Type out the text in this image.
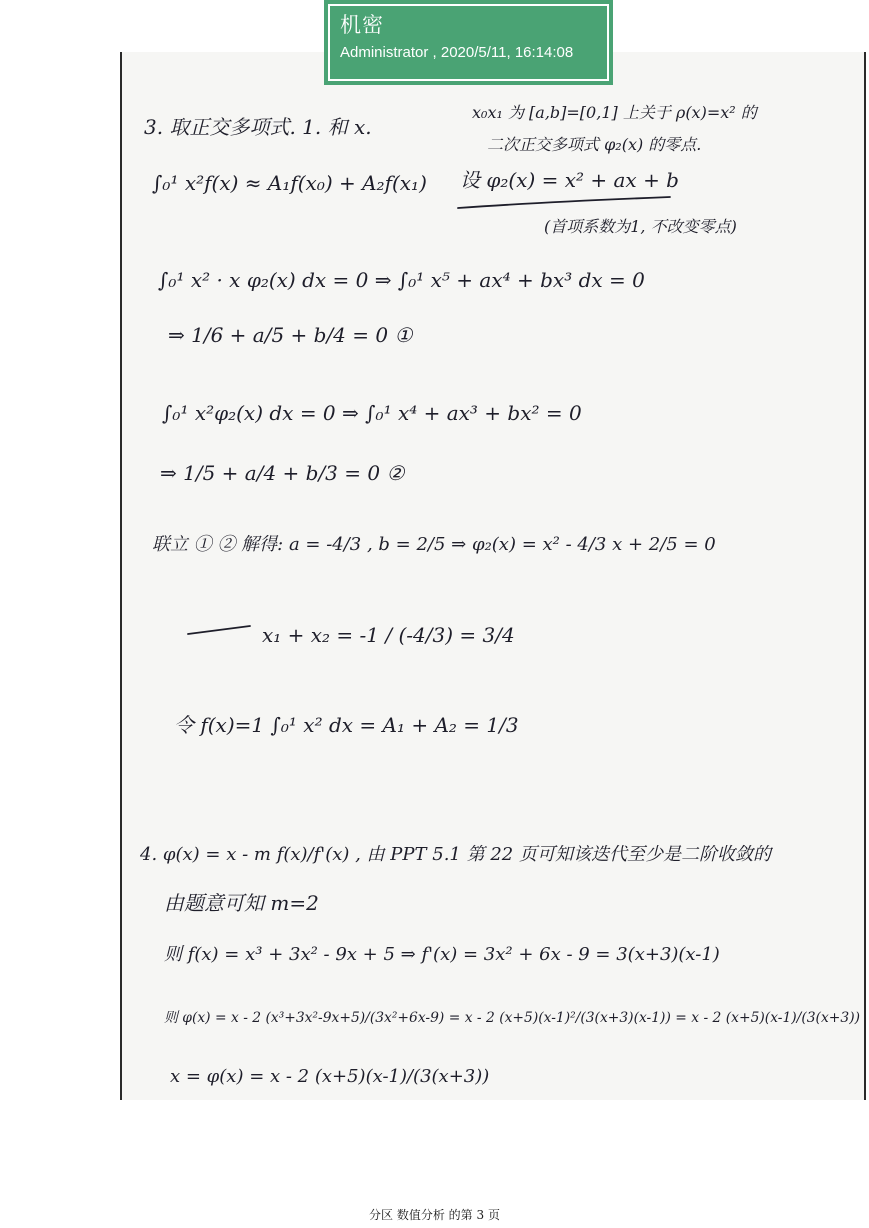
3. 取正交多项式. 1. 和 x.
x₀x₁ 为 [a,b]=[0,1] 上关于 ρ(x)=x² 的
二次正交多项式 φ₂(x) 的零点.
∫₀¹ x²f(x) ≈ A₁f(x₀) + A₂f(x₁) 设 φ₂(x) = x² + ax + b
(首项系数为1, 不改变零点)
∫₀¹ x² · x φ₂(x) dx = 0 ⇒ ∫₀¹ x⁵ + ax⁴ + bx³ dx = 0
⇒ 1/6 + a/5 + b/4 = 0 ①
∫₀¹ x²φ₂(x) dx = 0 ⇒ ∫₀¹ x⁴ + ax³ + bx² = 0
⇒ 1/5 + a/4 + b/3 = 0 ②
联立 ① ② 解得: a = -4/3 , b = 2/5 ⇒ φ₂(x) = x² - 4/3 x + 2/5 = 0
x₁ + x₂ = -1 / (-4/3) = 3/4
令 f(x)=1 ∫₀¹ x² dx = A₁ + A₂ = 1/3
4. φ(x) = x - m f(x)/f'(x) , 由 PPT 5.1 第 22 页可知该迭代至少是二阶收敛的
由题意可知 m=2
则 f(x) = x³ + 3x² - 9x + 5 ⇒ f'(x) = 3x² + 6x - 9 = 3(x+3)(x-1)
则 φ(x) = x - 2 (x³+3x²-9x+5)/(3x²+6x-9) = x - 2 (x+5)(x-1)²/(3(x+3)(x-1)) = x - 2 (x+5)(x-1)/(3(x+3))
x = φ(x) = x - 2 (x+5)(x-1)/(3(x+3))
机密
Administrator , 2020/5/11, 16:14:08
分区 数值分析 的第 3 页
